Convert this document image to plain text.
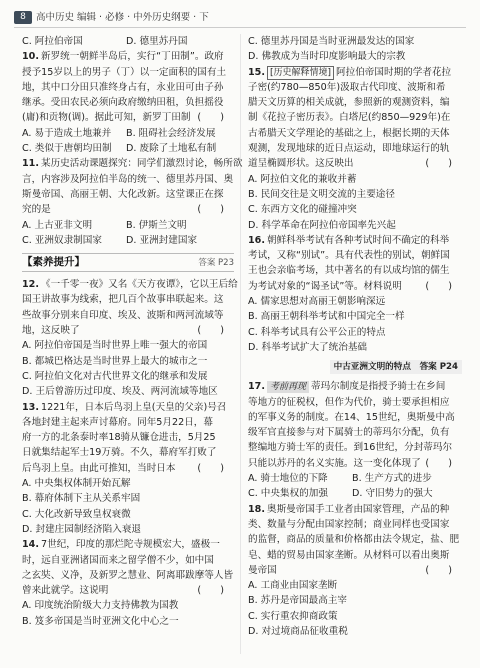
8	高中历史 编辑 · 必修 · 中外历史纲要 · 下
C. 阿拉伯帝国	D. 德里苏丹国
10. 新罗统一朝鲜半岛后，实行“丁田制”。政府
授予15岁以上的男子（丁）以一定面积的国有土
地，其中口分田只准终身占有，永业田可由子孙
继承。受田农民必须向政府缴纳田租，负担摇役
(庸)和贡物(调)。据此可知，新罗丁田制 (　　)
A. 易于造成土地兼并 B. 阻碍社会经济发展
C. 类似于唐朝均田制 D. 废除了土地私有制
11. 某历史活动课题探究：同学们激烈讨论，畅所欲
言，内容涉及阿拉伯半岛的统一、德里苏丹国、奥
斯曼帝国、高丽王朝、大化改新。这堂课正在探
究的是	(　　)
A. 上古亚非文明	B. 伊斯兰文明
C. 亚洲奴隶制国家	D. 亚洲封建国家
【素养提升】	答案 P23
12. 《一千零一夜》又名《天方夜谭》，它以王后给
国王讲故事为线索，把几百个故事串联起来。这
些故事分别来自印度、埃及、波斯和两河流域等
地，这反映了	(　　)
A. 阿拉伯帝国是当时世界上唯一强大的帝国
B. 都城巴格达是当时世界上最大的城市之一
C. 阿拉伯文化对古代世界文化的继承和发展
D. 王后曾游历过印度、埃及、两河流域等地区
13. 1221年，日本后鸟羽上皇(天皇的父亲)号召
各地封建主起来声讨幕府。同年5月22日，幕
府一方的北条泰时率18骑从镰仓进击，5月25
日就集结起军士19万骑。不久，幕府军打败了
后鸟羽上皇。由此可推知，当时日本 (　　)
A. 中央集权体制开始瓦解
B. 幕府体制下主从关系牢固
C. 大化改新导致皇权衰微
D. 封建庄园制经济陷入衰退
14. 7世纪，印度的那烂陀寺规模宏大，盛极一
时，远自亚洲诸国而来之留学僧不少，如中国
之玄奘、义净，及新罗之慧业、阿离耶跋摩等人皆
曾来此就学。这说明	(　　)
A. 印度统治阶级大力支持佛教为国教
B. 笈多帝国是当时亚洲文化中心之一
C. 德里苏丹国是当时亚洲最发达的国家
D. 佛教成为当时印度影响最大的宗教
15. [历史解释情境] 阿拉伯帝国时期的学者花拉
子密(约780—850年)汲取古代印度、波斯和希
腊天文历算的相关成就，参照新的观测资料，编
制《花拉子密历表》。白塔尼(约850—929年)在
古希腊天文学理论的基础之上，根据长期的天体
观测，发现地球的近日点运动，即地球运行的轨
道呈椭圆形状。这反映出	(　　)
A. 阿拉伯文化的兼收并蓄
B. 民间交往是文明交流的主要途径
C. 东西方文化的碰撞冲突
D. 科学革命在阿拉伯帝国率先兴起
16. 朝鲜科举考试有各种考试时间不确定的科举
考试，又称“别试”。具有代表性的别试，朝鲜国
王也会亲临考场，其中著名的有以成均馆的儒生
为考试对象的“谒圣试”等。材料说明 (　　)
A. 儒家思想对高丽王朝影响深远
B. 高丽王朝科举考试和中国完全一样
C. 科举考试具有公平公正的特点
D. 科举考试扩大了统治基础
中古亚洲文明的特点　 答案 P24
17. 考前再现 蒂玛尔制度是指授予骑士在乡间
等地方的征税权，但作为代价，骑士要承担相应
的军事义务的制度。在14、15世纪，奥斯曼中高
级军官直接参与对下属骑士的蒂玛尔分配，负有
整编地方骑士军的责任。到16世纪，分封蒂玛尔
只能以苏丹的名义实施。这一变化体现了 (　　)
A. 骑士地位的下降	B. 生产方式的进步
C. 中央集权的加强	D. 守旧势力的强大
18. 奥斯曼帝国手工业者由国家管理，产品的种
类、数量与分配由国家控制；商业同样也受国家
的监督，商品的质量和价格都由法令规定，盐、肥
皂、蜡的贸易由国家垄断。从材料可以看出奥斯
曼帝国	(　　)
A. 工商业由国家垄断
B. 苏丹是帝国最高主宰
C. 实行重农抑商政策
D. 对过境商品征收重税
